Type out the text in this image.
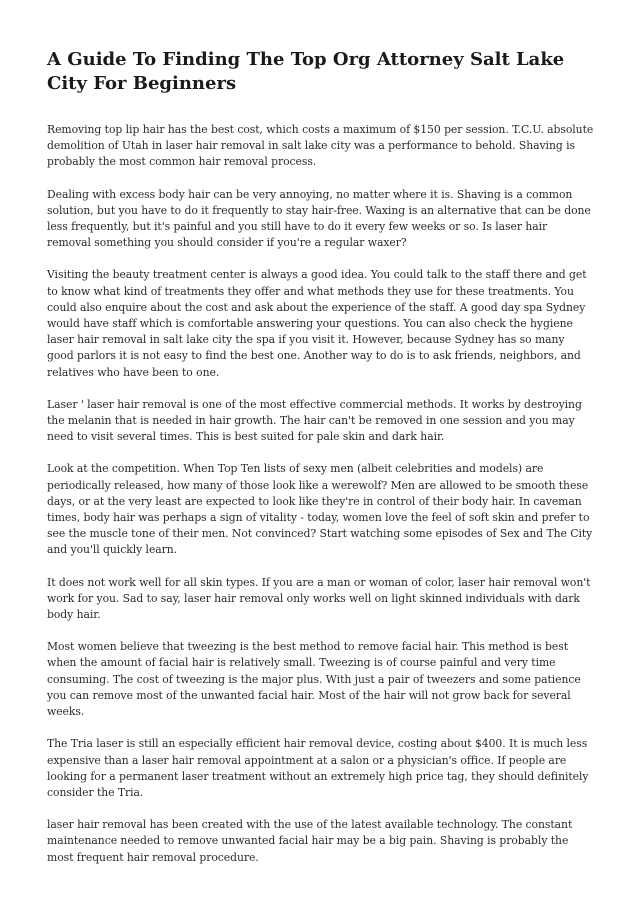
A Guide To Finding The Top Org Attorney Salt Lake City For Beginners

Removing top lip hair has the best cost, which costs a maximum of $150 per session. T.C.U. absolute demolition of Utah in laser hair removal in salt lake city was a performance to behold. Shaving is probably the most common hair removal process.

Dealing with excess body hair can be very annoying, no matter where it is. Shaving is a common solution, but you have to do it frequently to stay hair-free. Waxing is an alternative that can be done less frequently, but it's painful and you still have to do it every few weeks or so. Is laser hair removal something you should consider if you're a regular waxer?

Visiting the beauty treatment center is always a good idea. You could talk to the staff there and get to know what kind of treatments they offer and what methods they use for these treatments. You could also enquire about the cost and ask about the experience of the staff. A good day spa Sydney would have staff which is comfortable answering your questions. You can also check the hygiene laser hair removal in salt lake city the spa if you visit it. However, because Sydney has so many good parlors it is not easy to find the best one. Another way to do is to ask friends, neighbors, and relatives who have been to one.

Laser ' laser hair removal is one of the most effective commercial methods. It works by destroying the melanin that is needed in hair growth. The hair can't be removed in one session and you may need to visit several times. This is best suited for pale skin and dark hair.

Look at the competition. When Top Ten lists of sexy men (albeit celebrities and models) are periodically released, how many of those look like a werewolf? Men are allowed to be smooth these days, or at the very least are expected to look like they're in control of their body hair. In caveman times, body hair was perhaps a sign of vitality - today, women love the feel of soft skin and prefer to see the muscle tone of their men. Not convinced? Start watching some episodes of Sex and The City and you'll quickly learn.

It does not work well for all skin types. If you are a man or woman of color, laser hair removal won't work for you. Sad to say, laser hair removal only works well on light skinned individuals with dark body hair.

Most women believe that tweezing is the best method to remove facial hair. This method is best when the amount of facial hair is relatively small. Tweezing is of course painful and very time consuming. The cost of tweezing is the major plus. With just a pair of tweezers and some patience you can remove most of the unwanted facial hair. Most of the hair will not grow back for several weeks.

The Tria laser is still an especially efficient hair removal device, costing about $400. It is much less expensive than a laser hair removal appointment at a salon or a physician's office. If people are looking for a permanent laser treatment without an extremely high price tag, they should definitely consider the Tria.

laser hair removal has been created with the use of the latest available technology. The constant maintenance needed to remove unwanted facial hair may be a big pain. Shaving is probably the most frequent hair removal procedure.
